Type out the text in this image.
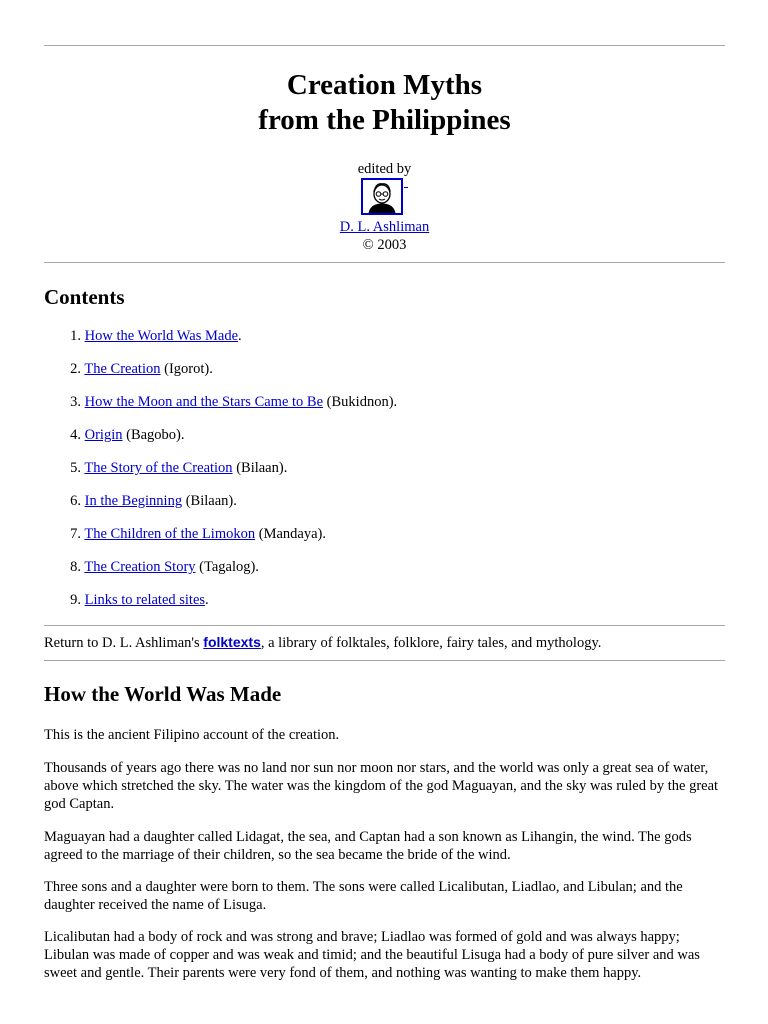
Creation Myths
from the Philippines
edited by
D. L. Ashliman
© 2003
Contents
1. How the World Was Made.
2. The Creation (Igorot).
3. How the Moon and the Stars Came to Be (Bukidnon).
4. Origin (Bagobo).
5. The Story of the Creation (Bilaan).
6. In the Beginning (Bilaan).
7. The Children of the Limokon (Mandaya).
8. The Creation Story (Tagalog).
9. Links to related sites.
Return to D. L. Ashliman's folktexts, a library of folktales, folklore, fairy tales, and mythology.
How the World Was Made

This is the ancient Filipino account of the creation.

Thousands of years ago there was no land nor sun nor moon nor stars, and the world was only a great sea of water, above which stretched the sky. The water was the kingdom of the god Maguayan, and the sky was ruled by the great god Captan.

Maguayan had a daughter called Lidagat, the sea, and Captan had a son known as Lihangin, the wind. The gods agreed to the marriage of their children, so the sea became the bride of the wind.

Three sons and a daughter were born to them. The sons were called Licalibutan, Liadlao, and Libulan; and the daughter received the name of Lisuga.

Licalibutan had a body of rock and was strong and brave; Liadlao was formed of gold and was always happy; Libulan was made of copper and was weak and timid; and the beautiful Lisuga had a body of pure silver and was sweet and gentle. Their parents were very fond of them, and nothing was wanting to make them happy.
